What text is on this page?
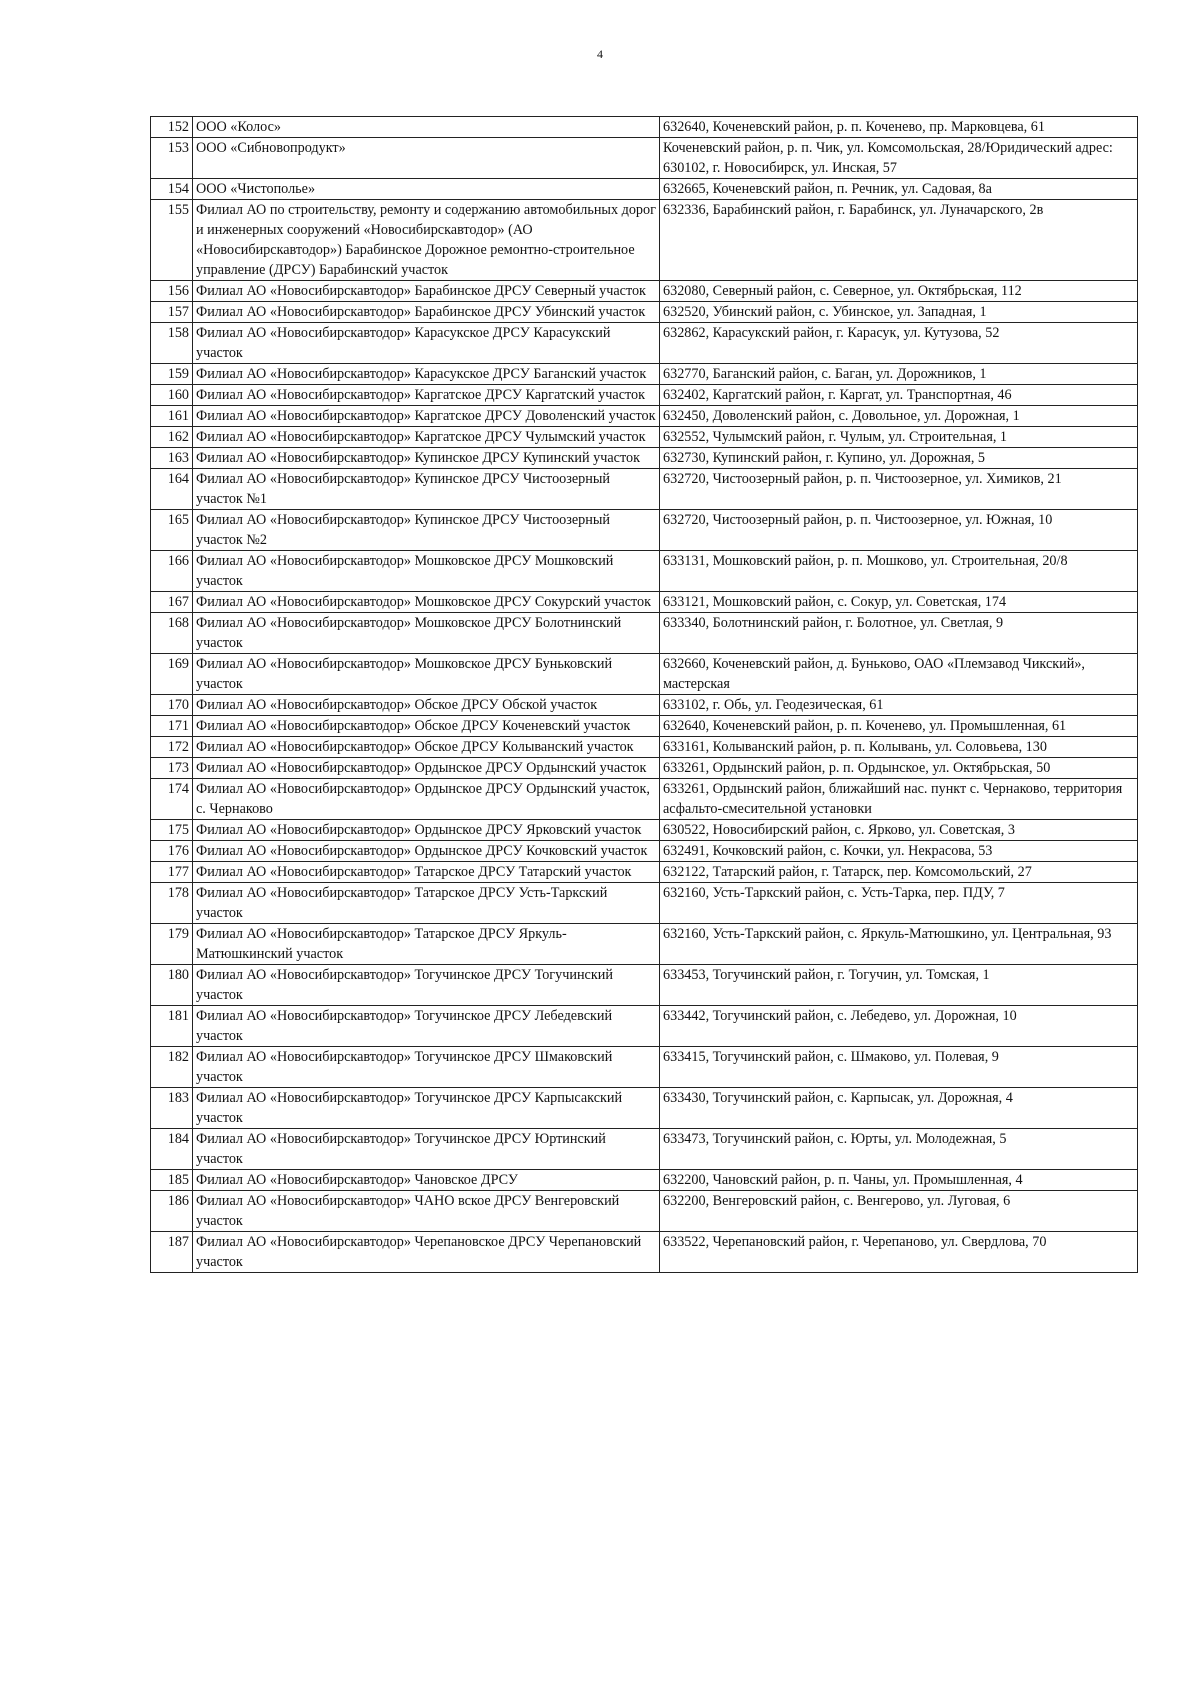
4
152	ООО «Колос»	632640, Коченевский район, р. п. Коченево, пр. Марковцева, 61
153	ООО «Сибновопродукт»	Коченевский район, р. п. Чик, ул. Комсомольская, 28/Юридический адрес: 630102, г. Новосибирск, ул. Инская, 57
154	ООО «Чистополье»	632665, Коченевский район, п. Речник, ул. Садовая, 8а
155	Филиал АО по строительству, ремонту и содержанию автомобильных дорог и инженерных сооружений «Новосибирскавтодор» (АО «Новосибирскавтодор») Барабинское Дорожное ремонтно-строительное управление (ДРСУ) Барабинский участок	632336, Барабинский район, г. Барабинск, ул. Луначарского, 2в
156	Филиал АО «Новосибирскавтодор» Барабинское ДРСУ Северный участок	632080, Северный район, с. Северное, ул. Октябрьская, 112
157	Филиал АО «Новосибирскавтодор» Барабинское ДРСУ Убинский участок	632520, Убинский район, с. Убинское, ул. Западная, 1
158	Филиал АО «Новосибирскавтодор» Карасукское ДРСУ Карасукский участок	632862, Карасукский район, г. Карасук, ул. Кутузова, 52
159	Филиал АО «Новосибирскавтодор» Карасукское ДРСУ Баганский участок	632770, Баганский район, с. Баган, ул. Дорожников, 1
160	Филиал АО «Новосибирскавтодор» Каргатское ДРСУ Каргатский участок	632402, Каргатский район, г. Каргат, ул. Транспортная, 46
161	Филиал АО «Новосибирскавтодор» Каргатское ДРСУ Доволенский участок	632450, Доволенский район, с. Довольное, ул. Дорожная, 1
162	Филиал АО «Новосибирскавтодор» Каргатское ДРСУ Чулымский участок	632552, Чулымский район, г. Чулым, ул. Строительная, 1
163	Филиал АО «Новосибирскавтодор» Купинское ДРСУ Купинский участок	632730, Купинский район, г. Купино, ул. Дорожная, 5
164	Филиал АО «Новосибирскавтодор» Купинское ДРСУ Чистоозерный участок №1	632720, Чистоозерный район, р. п. Чистоозерное, ул. Химиков, 21
165	Филиал АО «Новосибирскавтодор» Купинское ДРСУ Чистоозерный участок №2	632720, Чистоозерный район, р. п. Чистоозерное, ул. Южная, 10
166	Филиал АО «Новосибирскавтодор» Мошковское ДРСУ Мошковский участок	633131, Мошковский район, р. п. Мошково, ул. Строительная, 20/8
167	Филиал АО «Новосибирскавтодор» Мошковское ДРСУ Сокурский участок	633121, Мошковский район, с. Сокур, ул. Советская, 174
168	Филиал АО «Новосибирскавтодор» Мошковское ДРСУ Болотнинский участок	633340, Болотнинский район, г. Болотное, ул. Светлая, 9
169	Филиал АО «Новосибирскавтодор» Мошковское ДРСУ Буньковский участок	632660, Коченевский район, д. Буньково, ОАО «Племзавод Чикский», мастерская
170	Филиал АО «Новосибирскавтодор» Обское ДРСУ Обской участок	633102, г. Обь, ул. Геодезическая, 61
171	Филиал АО «Новосибирскавтодор» Обское ДРСУ Коченевский участок	632640, Коченевский район, р. п. Коченево, ул. Промышленная, 61
172	Филиал АО «Новосибирскавтодор» Обское ДРСУ Колыванский участок	633161, Колыванский район, р. п. Колывань, ул. Соловьева, 130
173	Филиал АО «Новосибирскавтодор» Ордынское ДРСУ Ордынский участок	633261, Ордынский район, р. п. Ордынское, ул. Октябрьская, 50
174	Филиал АО «Новосибирскавтодор» Ордынское ДРСУ Ордынский участок, с. Чернаково	633261, Ордынский район, ближайший нас. пункт с. Чернаково, территория асфальто-смесительной установки
175	Филиал АО «Новосибирскавтодор» Ордынское ДРСУ Ярковский участок	630522, Новосибирский район, с. Ярково, ул. Советская, 3
176	Филиал АО «Новосибирскавтодор» Ордынское ДРСУ Кочковский участок	632491, Кочковский район, с. Кочки, ул. Некрасова, 53
177	Филиал АО «Новосибирскавтодор» Татарское ДРСУ Татарский участок	632122, Татарский район, г. Татарск, пер. Комсомольский, 27
178	Филиал АО «Новосибирскавтодор» Татарское ДРСУ Усть-Таркский участок	632160, Усть-Таркский район, с. Усть-Тарка, пер. ПДУ, 7
179	Филиал АО «Новосибирскавтодор» Татарское ДРСУ Яркуль-Матюшкинский участок	632160, Усть-Таркский район, с. Яркуль-Матюшкино, ул. Центральная, 93
180	Филиал АО «Новосибирскавтодор» Тогучинское ДРСУ Тогучинский участок	633453, Тогучинский район, г. Тогучин, ул. Томская, 1
181	Филиал АО «Новосибирскавтодор» Тогучинское ДРСУ Лебедевский участок	633442, Тогучинский район, с. Лебедево, ул. Дорожная, 10
182	Филиал АО «Новосибирскавтодор» Тогучинское ДРСУ Шмаковский участок	633415, Тогучинский район, с. Шмаково, ул. Полевая, 9
183	Филиал АО «Новосибирскавтодор» Тогучинское ДРСУ Карпысакский участок	633430, Тогучинский район, с. Карпысак, ул. Дорожная, 4
184	Филиал АО «Новосибирскавтодор» Тогучинское ДРСУ Юртинский участок	633473, Тогучинский район, с. Юрты, ул. Молодежная, 5
185	Филиал АО «Новосибирскавтодор» Чановское ДРСУ	632200, Чановский район, р. п. Чаны, ул. Промышленная, 4
186	Филиал АО «Новосибирскавтодор» ЧАНО вское ДРСУ Венгеровский участок	632200, Венгеровский район, с. Венгерово, ул. Луговая, 6
187	Филиал АО «Новосибирскавтодор» Черепановское ДРСУ Черепановский участок	633522, Черепановский район, г. Черепаново, ул. Свердлова, 70
